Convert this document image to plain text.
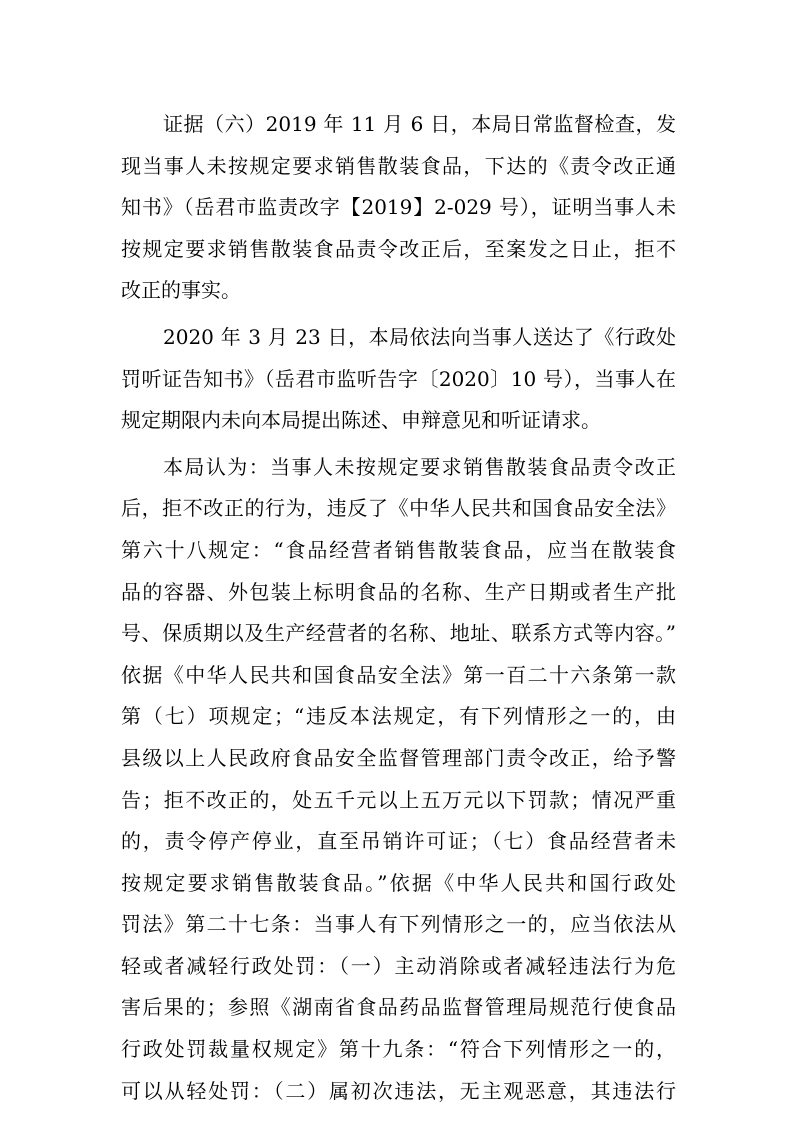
证据（六）2019 年 11 月 6 日，本局日常监督检查，发
现当事人未按规定要求销售散装食品，下达的《责令改正通
知书》（岳君市监责改字【2019】2-029 号），证明当事人未
按规定要求销售散装食品责令改正后，至案发之日止，拒不
改正的事实。
2020 年 3 月 23 日，本局依法向当事人送达了《行政处
罚听证告知书》（岳君市监听告字〔2020〕10 号），当事人在
规定期限内未向本局提出陈述、申辩意见和听证请求。
本局认为：当事人未按规定要求销售散装食品责令改正
后，拒不改正的行为，违反了《中华人民共和国食品安全法》
第六十八规定：“食品经营者销售散装食品，应当在散装食
品的容器、外包装上标明食品的名称、生产日期或者生产批
号、保质期以及生产经营者的名称、地址、联系方式等内容。”
依据《中华人民共和国食品安全法》第一百二十六条第一款
第（七）项规定；“违反本法规定，有下列情形之一的，由
县级以上人民政府食品安全监督管理部门责令改正，给予警
告；拒不改正的，处五千元以上五万元以下罚款；情况严重
的，责令停产停业，直至吊销许可证；（七）食品经营者未
按规定要求销售散装食品。”依据《中华人民共和国行政处
罚法》第二十七条：当事人有下列情形之一的，应当依法从
轻或者减轻行政处罚：（一）主动消除或者减轻违法行为危
害后果的；参照《湖南省食品药品监督管理局规范行使食品
行政处罚裁量权规定》第十九条：“符合下列情形之一的，
可以从轻处罚：（二）属初次违法，无主观恶意，其违法行
